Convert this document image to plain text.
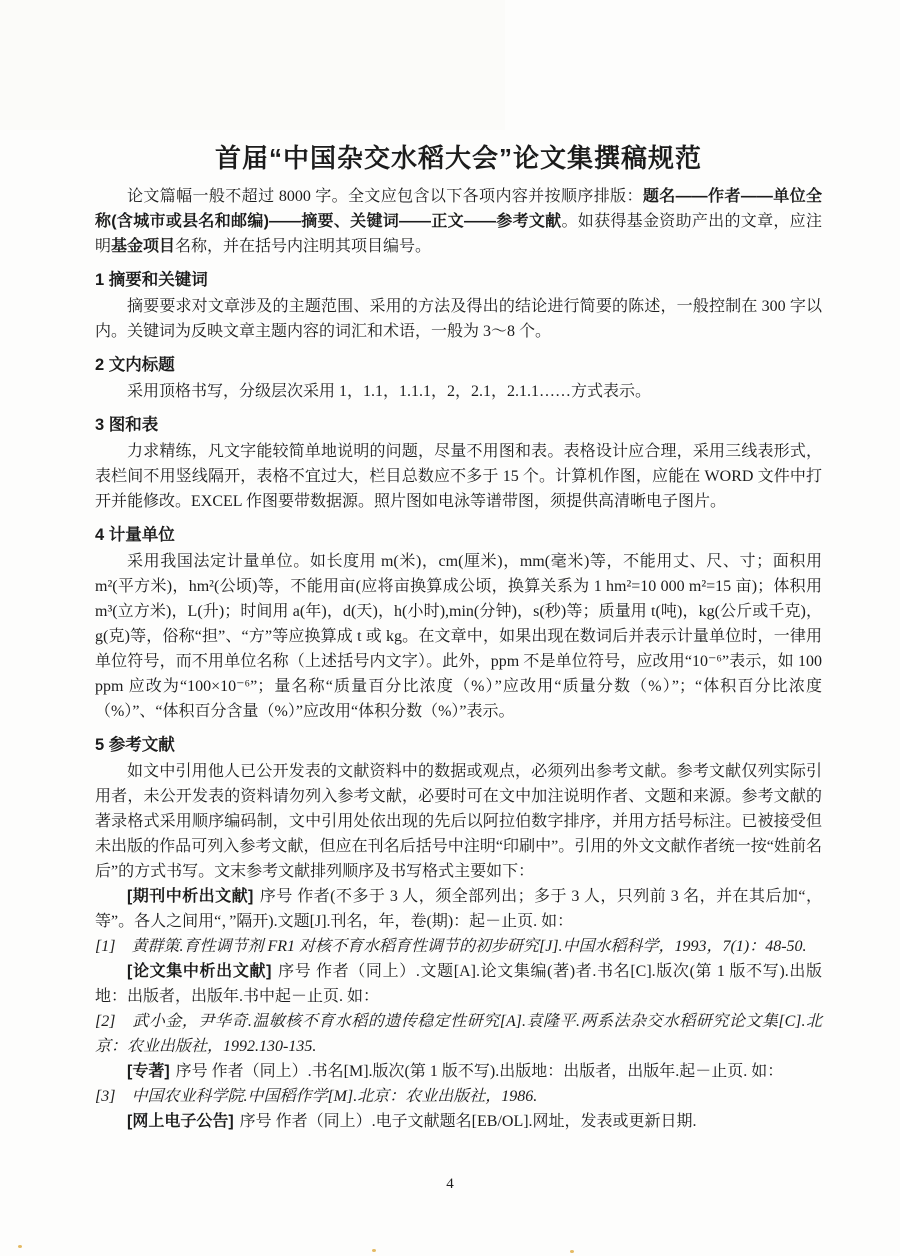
首届“中国杂交水稻大会”论文集撰稿规范

论文篇幅一般不超过 8000 字。全文应包含以下各项内容并按顺序排版：题名——作者——单位全称(含城市或县名和邮编)——摘要、关键词——正文——参考文献。如获得基金资助产出的文章，应注明基金项目名称，并在括号内注明其项目编号。

1 摘要和关键词

摘要要求对文章涉及的主题范围、采用的方法及得出的结论进行简要的陈述，一般控制在 300 字以内。关键词为反映文章主题内容的词汇和术语，一般为 3～8 个。

2 文内标题

采用顶格书写，分级层次采用 1，1.1，1.1.1，2，2.1，2.1.1……方式表示。

3 图和表

力求精练，凡文字能较简单地说明的问题，尽量不用图和表。表格设计应合理，采用三线表形式，表栏间不用竖线隔开，表格不宜过大，栏目总数应不多于 15 个。计算机作图，应能在 WORD 文件中打开并能修改。EXCEL 作图要带数据源。照片图如电泳等谱带图，须提供高清晰电子图片。

4 计量单位

采用我国法定计量单位。如长度用 m(米)，cm(厘米)，mm(毫米)等，不能用丈、尺、寸；面积用 m²(平方米)，hm²(公顷)等，不能用亩(应将亩换算成公顷，换算关系为 1 hm²=10 000 m²=15 亩)；体积用 m³(立方米)，L(升)；时间用 a(年)，d(天)，h(小时),min(分钟)，s(秒)等；质量用 t(吨)，kg(公斤或千克)，g(克)等，俗称“担”、“方”等应换算成 t 或 kg。在文章中，如果出现在数词后并表示计量单位时，一律用单位符号，而不用单位名称（上述括号内文字）。此外，ppm 不是单位符号，应改用“10⁻⁶”表示，如 100 ppm 应改为“100×10⁻⁶”；量名称“质量百分比浓度（%）”应改用“质量分数（%）”；“体积百分比浓度（%）”、“体积百分含量（%）”应改用“体积分数（%）”表示。

5 参考文献

如文中引用他人已公开发表的文献资料中的数据或观点，必须列出参考文献。参考文献仅列实际引用者，未公开发表的资料请勿列入参考文献，必要时可在文中加注说明作者、文题和来源。参考文献的著录格式采用顺序编码制，文中引用处依出现的先后以阿拉伯数字排序，并用方括号标注。已被接受但未出版的作品可列入参考文献，但应在刊名后括号中注明“印刷中”。引用的外文文献作者统一按“姓前名后”的方式书写。文末参考文献排列顺序及书写格式主要如下：

[期刊中析出文献] 序号 作者(不多于 3 人，须全部列出；多于 3 人，只列前 3 名，并在其后加“，等”。各人之间用“，”隔开).文题[J].刊名，年，卷(期)：起－止页. 如：

[1]　黄群策.育性调节剂 FR1 对核不育水稻育性调节的初步研究[J].中国水稻科学，1993，7(1)：48-50.

[论文集中析出文献] 序号 作者（同上）.文题[A].论文集编(著)者.书名[C].版次(第 1 版不写).出版地：出版者，出版年.书中起－止页. 如：

[2]　武小金，尹华奇.温敏核不育水稻的遗传稳定性研究[A].袁隆平.两系法杂交水稻研究论文集[C].北京：农业出版社，1992.130-135.

[专著] 序号 作者（同上）.书名[M].版次(第 1 版不写).出版地：出版者，出版年.起－止页. 如：

[3]　中国农业科学院.中国稻作学[M].北京：农业出版社，1986.

[网上电子公告] 序号 作者（同上）.电子文献题名[EB/OL].网址，发表或更新日期.

4
